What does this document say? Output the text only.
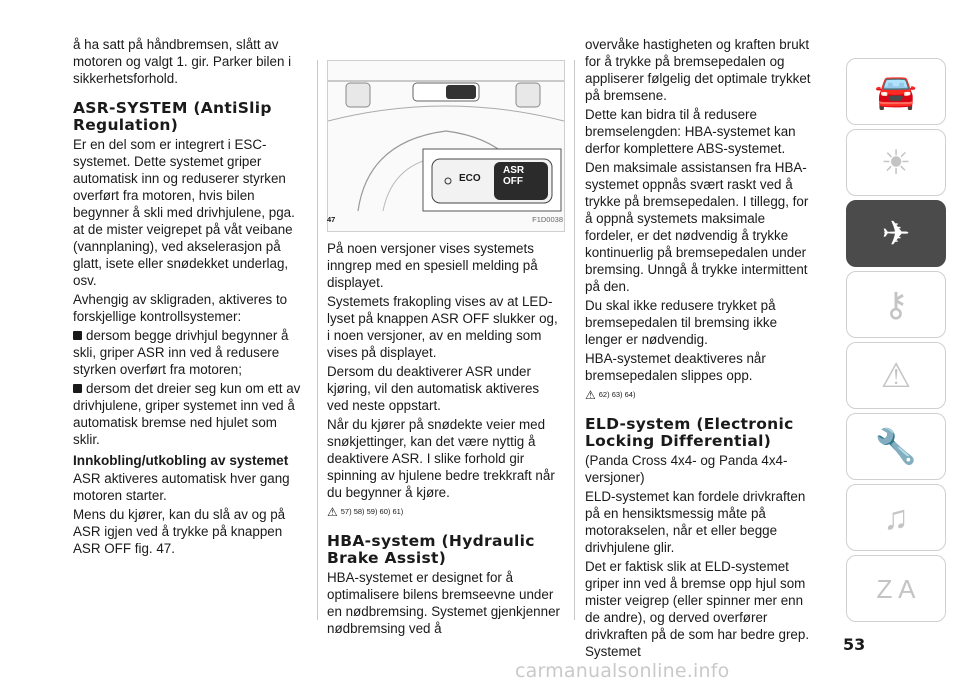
å ha satt på håndbremsen, slått av motoren og valgt 1. gir. Parker bilen i sikkerhetsforhold.

ASR-SYSTEM (AntiSlip Regulation)

Er en del som er integrert i ESC-systemet. Dette systemet griper automatisk inn og reduserer styrken overført fra motoren, hvis bilen begynner å skli med drivhjulene, pga. at de mister veigrepet på våt veibane (vannplaning), ved akselerasjon på glatt, isete eller snødekket underlag, osv.

Avhengig av skligraden, aktiveres to forskjellige kontrollsystemer:

dersom begge drivhjul begynner å skli, griper ASR inn ved å redusere styrken overført fra motoren;

dersom det dreier seg kun om ett av drivhjulene, griper systemet inn ved å automatisk bremse ned hjulet som sklir.

Innkobling/utkobling av systemet

ASR aktiveres automatisk hver gang motoren starter.

Mens du kjører, kan du slå av og på ASR igjen ved å trykke på knappen ASR OFF fig. 47.

ECO
ASR
OFF
47	F1D0038

På noen versjoner vises systemets inngrep med en spesiell melding på displayet.

Systemets frakopling vises av at LED-lyset på knappen ASR OFF slukker og, i noen versjoner, av en melding som vises på displayet.

Dersom du deaktiverer ASR under kjøring, vil den automatisk aktiveres ved neste oppstart.

Når du kjører på snødekte veier med snøkjettinger, kan det være nyttig å deaktivere ASR. I slike forhold gir spinning av hjulene bedre trekkraft når du begynner å kjøre.

⚠ 57) 58) 59) 60) 61)
HBA-system (Hydraulic Brake Assist)

HBA-systemet er designet for å optimalisere bilens bremseevne under en nødbremsing. Systemet gjenkjenner nødbremsing ved å

overvåke hastigheten og kraften brukt for å trykke på bremsepedalen og appliserer følgelig det optimale trykket på bremsene.

Dette kan bidra til å redusere bremselengden: HBA-systemet kan derfor komplettere ABS-systemet.

Den maksimale assistansen fra HBA-systemet oppnås svært raskt ved å trykke på bremsepedalen. I tillegg, for å oppnå systemets maksimale fordeler, er det nødvendig å trykke kontinuerlig på bremsepedalen under bremsing. Unngå å trykke intermittent på den.

Du skal ikke redusere trykket på bremsepedalen til bremsing ikke lenger er nødvendig.

HBA-systemet deaktiveres når bremsepedalen slippes opp.

⚠ 62) 63) 64)
ELD-system (Electronic Locking Differential)

(Panda Cross 4x4- og Panda 4x4-versjoner)

ELD-systemet kan fordele drivkraften på en hensiktsmessig måte på motorakselen, når et eller begge drivhjulene glir.

Det er faktisk slik at ELD-systemet griper inn ved å bremse opp hjul som mister veigrep (eller spinner mer enn de andre), og derved overfører drivkraften på de som har bedre grep. Systemet

🚘
☀
✈
⚷
⚠
🔧
♫
Z A
53
carmanualsonline.info
